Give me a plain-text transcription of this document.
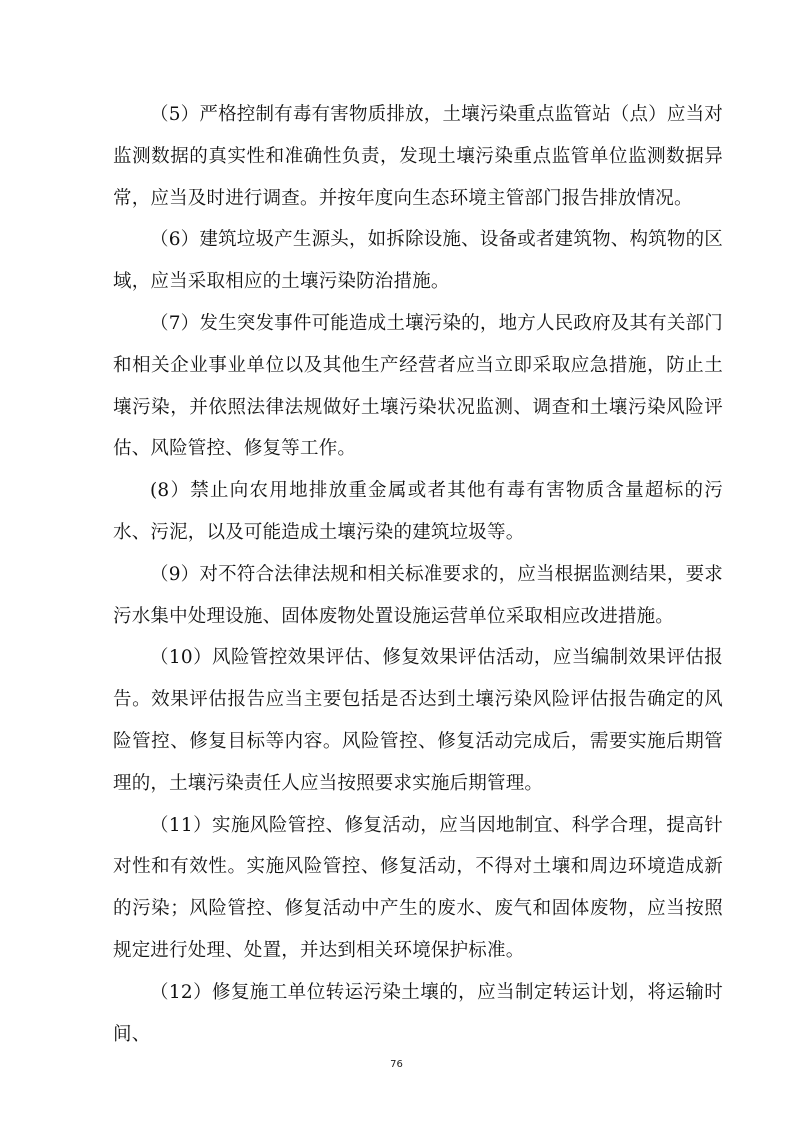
（5）严格控制有毒有害物质排放，土壤污染重点监管站（点）应当对监测数据的真实性和准确性负责，发现土壤污染重点监管单位监测数据异常，应当及时进行调查。并按年度向生态环境主管部门报告排放情况。

（6）建筑垃圾产生源头，如拆除设施、设备或者建筑物、构筑物的区域，应当采取相应的土壤污染防治措施。

（7）发生突发事件可能造成土壤污染的，地方人民政府及其有关部门和相关企业事业单位以及其他生产经营者应当立即采取应急措施，防止土壤污染，并依照法律法规做好土壤污染状况监测、调查和土壤污染风险评估、风险管控、修复等工作。

(8）禁止向农用地排放重金属或者其他有毒有害物质含量超标的污水、污泥，以及可能造成土壤污染的建筑垃圾等。

（9）对不符合法律法规和相关标准要求的，应当根据监测结果，要求污水集中处理设施、固体废物处置设施运营单位采取相应改进措施。

（10）风险管控效果评估、修复效果评估活动，应当编制效果评估报告。效果评估报告应当主要包括是否达到土壤污染风险评估报告确定的风险管控、修复目标等内容。风险管控、修复活动完成后，需要实施后期管理的，土壤污染责任人应当按照要求实施后期管理。

（11）实施风险管控、修复活动，应当因地制宜、科学合理，提高针对性和有效性。实施风险管控、修复活动，不得对土壤和周边环境造成新的污染；风险管控、修复活动中产生的废水、废气和固体废物，应当按照规定进行处理、处置，并达到相关环境保护标准。

（12）修复施工单位转运污染土壤的，应当制定转运计划，将运输时间、

76
